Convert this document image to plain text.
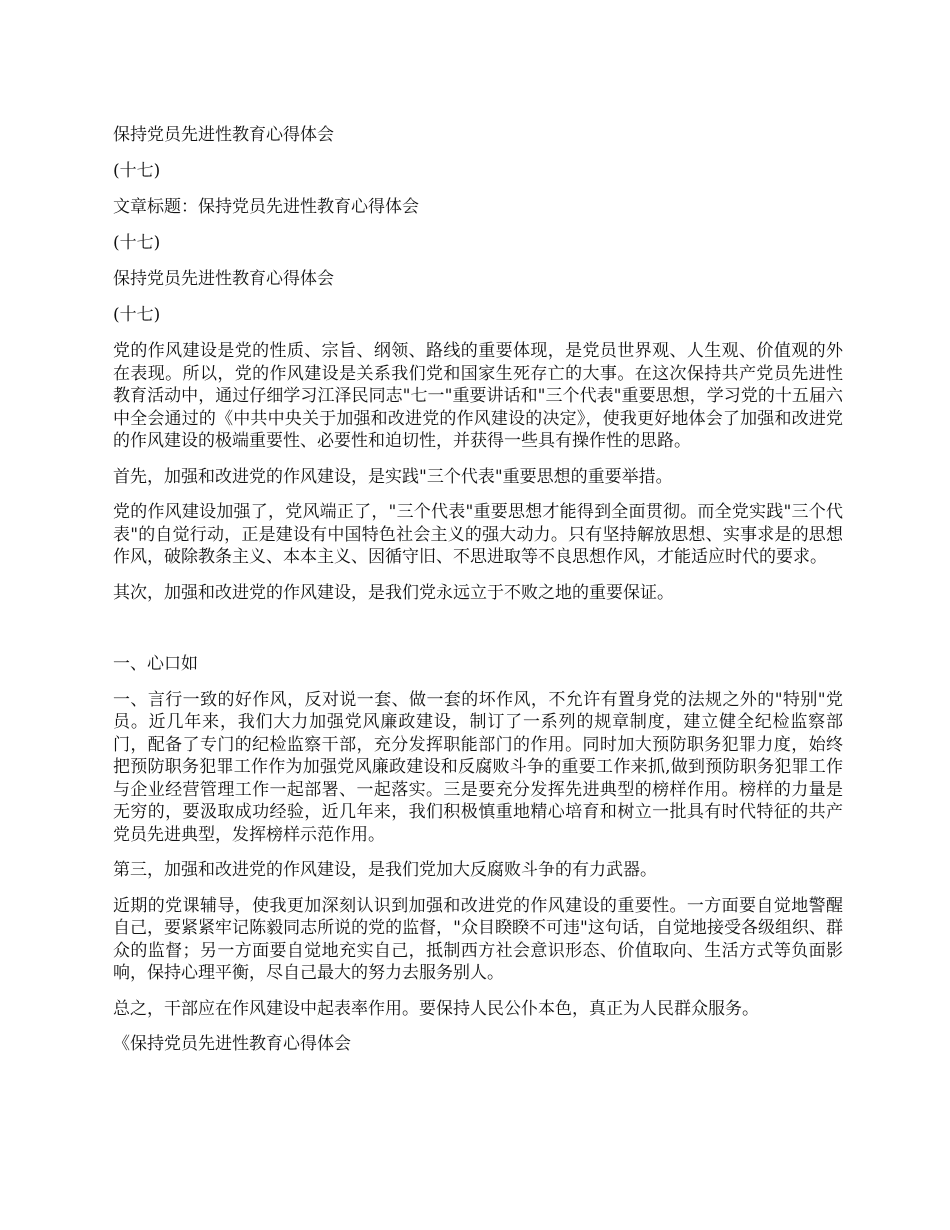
保持党员先进性教育心得体会
(十七)
文章标题：保持党员先进性教育心得体会
(十七)
保持党员先进性教育心得体会
(十七)

党的作风建设是党的性质、宗旨、纲领、路线的重要体现，是党员世界观、人生观、价值观的外在表现。所以，党的作风建设是关系我们党和国家生死存亡的大事。在这次保持共产党员先进性教育活动中，通过仔细学习江泽民同志"七一"重要讲话和"三个代表"重要思想，学习党的十五届六中全会通过的《中共中央关于加强和改进党的作风建设的决定》，使我更好地体会了加强和改进党的作风建设的极端重要性、必要性和迫切性，并获得一些具有操作性的思路。

首先，加强和改进党的作风建设，是实践"三个代表"重要思想的重要举措。

党的作风建设加强了，党风端正了，"三个代表"重要思想才能得到全面贯彻。而全党实践"三个代表"的自觉行动，正是建设有中国特色社会主义的强大动力。只有坚持解放思想、实事求是的思想作风，破除教条主义、本本主义、因循守旧、不思进取等不良思想作风，才能适应时代的要求。

其次，加强和改进党的作风建设，是我们党永远立于不败之地的重要保证。

一、心口如

一、言行一致的好作风，反对说一套、做一套的坏作风，不允许有置身党的法规之外的"特别"党员。近几年来，我们大力加强党风廉政建设，制订了一系列的规章制度，建立健全纪检监察部门，配备了专门的纪检监察干部，充分发挥职能部门的作用。同时加大预防职务犯罪力度，始终把预防职务犯罪工作作为加强党风廉政建设和反腐败斗争的重要工作来抓,做到预防职务犯罪工作与企业经营管理工作一起部署、一起落实。三是要充分发挥先进典型的榜样作用。榜样的力量是无穷的，要汲取成功经验，近几年来，我们积极慎重地精心培育和树立一批具有时代特征的共产党员先进典型，发挥榜样示范作用。

第三，加强和改进党的作风建设，是我们党加大反腐败斗争的有力武器。

近期的党课辅导，使我更加深刻认识到加强和改进党的作风建设的重要性。一方面要自觉地警醒自己，要紧紧牢记陈毅同志所说的党的监督，"众目睽睽不可违"这句话，自觉地接受各级组织、群众的监督；另一方面要自觉地充实自己，抵制西方社会意识形态、价值取向、生活方式等负面影响，保持心理平衡，尽自己最大的努力去服务别人。

总之，干部应在作风建设中起表率作用。要保持人民公仆本色，真正为人民群众服务。

《保持党员先进性教育心得体会
